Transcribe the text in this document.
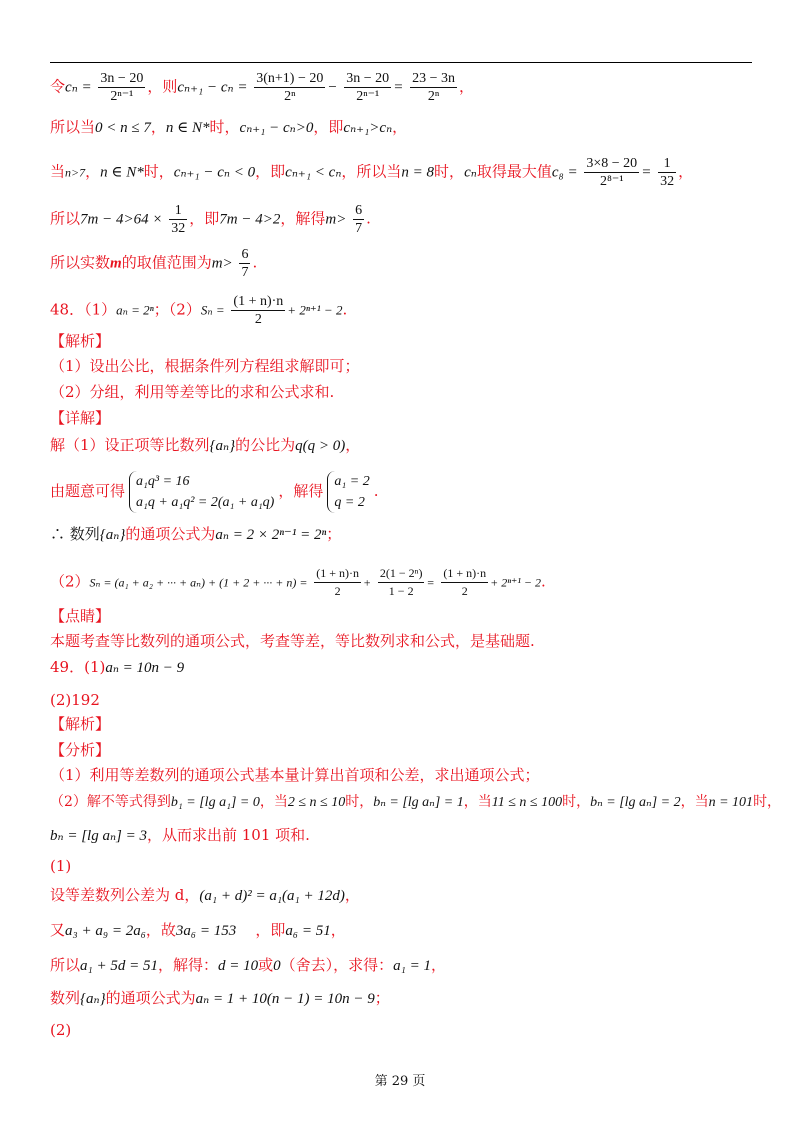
令$c_n = \frac{3n - 20}{\text{2ⁿ⁻¹}}$ ，则$c_{n+1} - c_n = \frac{3(n+1) - 20}{\text{2ⁿ}} - \frac{3n - 20}{\text{2ⁿ⁻¹}} = \frac{23 - 3n}{\text{2ⁿ}}$ ，
所以当0 < n ≤ 7，n ∈ N*时，cₙ₊₁ − cₙ>0，即cₙ₊₁>cₙ，
当n>7，n ∈ N*时，cₙ₊₁ − cₙ < 0，即cₙ₊₁ < cₙ，所以当n = 8时，cₙ取得最大值$c_8 = \frac{3\times 8 - 20}{\text{2⁸⁻¹}} = \frac{1}{32}$ ，
所以$7m - 4>64 \times \frac{1}{32}$ ，即7m − 4>2，解得$m> \frac{6}{7}$ .
所以实数m的取值范围为$m> \frac{6}{7}$ .
48．（1）aₙ = 2ⁿ；$(2)S_n = \frac{(1 + n)\cdot n}{2} + 2^{n+1} - 2$.
【解析】
（1）设出公比，根据条件列方程组求解即可；
（2）分组，利用等差等比的求和公式求和.
【详解】
解（1）设正项等比数列{aₙ}的公比为q(q > 0)，
由题意可得
a₁q³ = 16
a₁q + a₁q² = 2(a₁ + a₁q)
，解得
a₁ = 2
q = 2
.
∴ 数列{aₙ}的通项公式为aₙ = 2 × 2ⁿ⁻¹ = 2ⁿ；
（2）Sₙ = (a₁ + a₂ + ··· + aₙ) + (1 + 2 + ··· + $n) = \frac{(1 + n)\cdot n}{2} + \frac{\text{2(1 − 2ⁿ)}}{1 - 2} = \frac{(1 + n)\cdot n}{2} + 2^{n+1} - 2$.
【点睛】
本题考查等比数列的通项公式，考查等差，等比数列求和公式，是基础题.
49．(1)aₙ = 10n − 9
(2)192
【解析】
【分析】
（1）利用等差数列的通项公式基本量计算出首项和公差，求出通项公式；
（2）解不等式得到b₁ = [lg a₁] = 0，当2 ≤ n ≤ 10时，bₙ = [lg aₙ] = 1，当11 ≤ n ≤ 100时，bₙ = [lg aₙ] = 2，当n = 101时，
bₙ = [lg aₙ] = 3，从而求出前 101 项和.
(1)
设等差数列公差为 d，(a₁ + d)² = a₁(a₁ + 12d)，
又a₃ + a₉ = 2a₆，故3a₆ = 153 ，即a₆ = 51，
所以a₁ + 5d = 51，解得：d = 10或0（舍去），求得：a₁ = 1，
数列{aₙ}的通项公式为aₙ = 1 + 10(n − 1) = 10n − 9；
(2)
第 29 页
